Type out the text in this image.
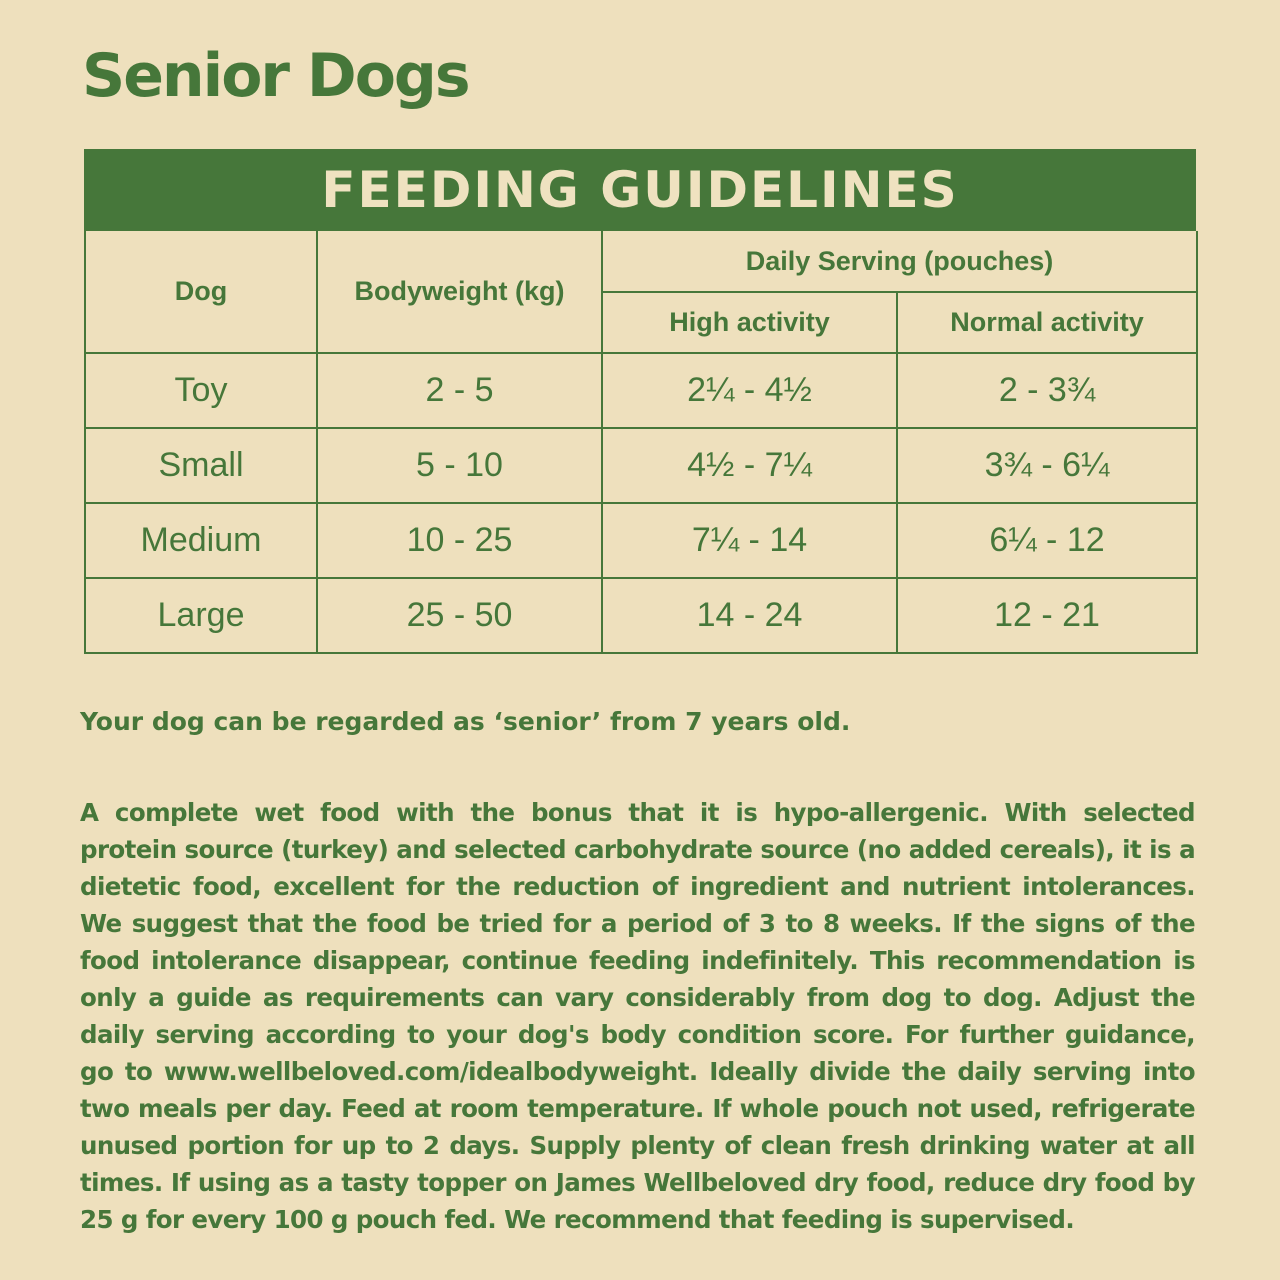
Senior Dogs
FEEDING GUIDELINES
Dog	Bodyweight (kg)	Daily Serving (pouches)	
		High activity	Normal activity
Toy	2 - 5	2¼ - 4½	2 - 3¾
Small	5 - 10	4½ - 7¼	3¾ - 6¼
Medium	10 - 25	7¼ - 14	6¼ - 12
Large	25 - 50	14 - 24	12 - 21

Your dog can be regarded as ‘senior’ from 7 years old.

A complete wet food with the bonus that it is hypo-allergenic. With selected protein source (turkey) and selected carbohydrate source (no added cereals), it is a dietetic food, excellent for the reduction of ingredient and nutrient intolerances. We suggest that the food be tried for a period of 3 to 8 weeks. If the signs of the food intolerance disappear, continue feeding indefinitely. This recommendation is only a guide as requirements can vary considerably from dog to dog. Adjust the daily serving according to your dog's body condition score. For further guidance, go to www.wellbeloved.com/idealbodyweight. Ideally divide the daily serving into two meals per day. Feed at room temperature. If whole pouch not used, refrigerate unused portion for up to 2 days. Supply plenty of clean fresh drinking water at all times. If using as a tasty topper on James Wellbeloved dry food, reduce dry food by 25 g for every 100 g pouch fed. We recommend that feeding is supervised.
